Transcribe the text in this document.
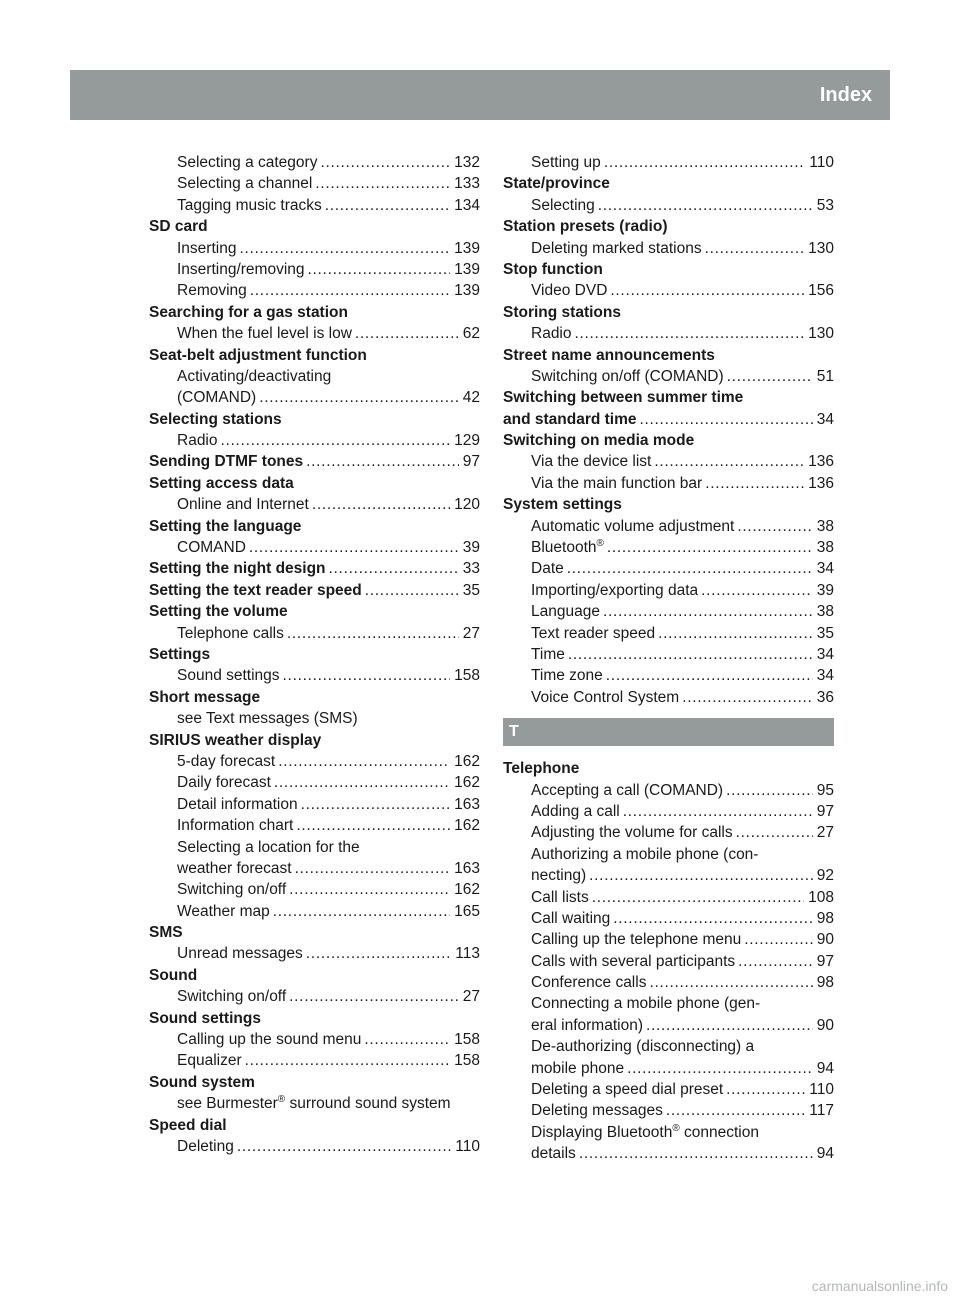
Index	11
Selecting a category . . .	132
Selecting a channel . . .	133
Tagging music tracks . . .	134
SD card
Inserting . . .	139
Inserting/removing . . .	139
Removing . . .	139
Searching for a gas station
When the fuel level is low . . .	62
Seat-belt adjustment function
Activating/deactivating
(COMAND) . . .	42
Selecting stations
Radio . . .	129
Sending DTMF tones . . .	97
Setting access data
Online and Internet . . .	120
Setting the language
COMAND . . .	39
Setting the night design . . .	33
Setting the text reader speed . . .	35
Setting the volume
Telephone calls . . .	27
Settings
Sound settings . . .	158
Short message
see Text messages (SMS)
SIRIUS weather display
5-day forecast . . .	162
Daily forecast . . .	162
Detail information . . .	163
Information chart . . .	162
Selecting a location for the
weather forecast . . .	163
Switching on/off . . .	162
Weather map . . .	165
SMS
Unread messages . . .	113
Sound
Switching on/off . . .	27
Sound settings
Calling up the sound menu . . .	158
Equalizer . . .	158
Sound system
see Burmester® surround sound system
Speed dial
Deleting . . .	110
Setting up . . .	110
State/province
Selecting . . .	53
Station presets (radio)
Deleting marked stations . . .	130
Stop function
Video DVD . . .	156
Storing stations
Radio . . .	130
Street name announcements
Switching on/off (COMAND) . . .	51
Switching between summer time
and standard time . . .	34
Switching on media mode
Via the device list . . .	136
Via the main function bar . . .	136
System settings
Automatic volume adjustment . . .	38
Bluetooth® . . .	38
Date . . .	34
Importing/exporting data . . .	39
Language . . .	38
Text reader speed . . .	35
Time . . .	34
Time zone . . .	34
Voice Control System . . .	36
T
Telephone
Accepting a call (COMAND) . . .	95
Adding a call . . .	97
Adjusting the volume for calls . . .	27
Authorizing a mobile phone (con-
necting) . . .	92
Call lists . . .	108
Call waiting . . .	98
Calling up the telephone menu . . .	90
Calls with several participants . . .	97
Conference calls . . .	98
Connecting a mobile phone (gen-
eral information) . . .	90
De-authorizing (disconnecting) a
mobile phone . . .	94
Deleting a speed dial preset . . .	110
Deleting messages . . .	117
Displaying Bluetooth® connection
details . . .	94
carmanualsonline.info
